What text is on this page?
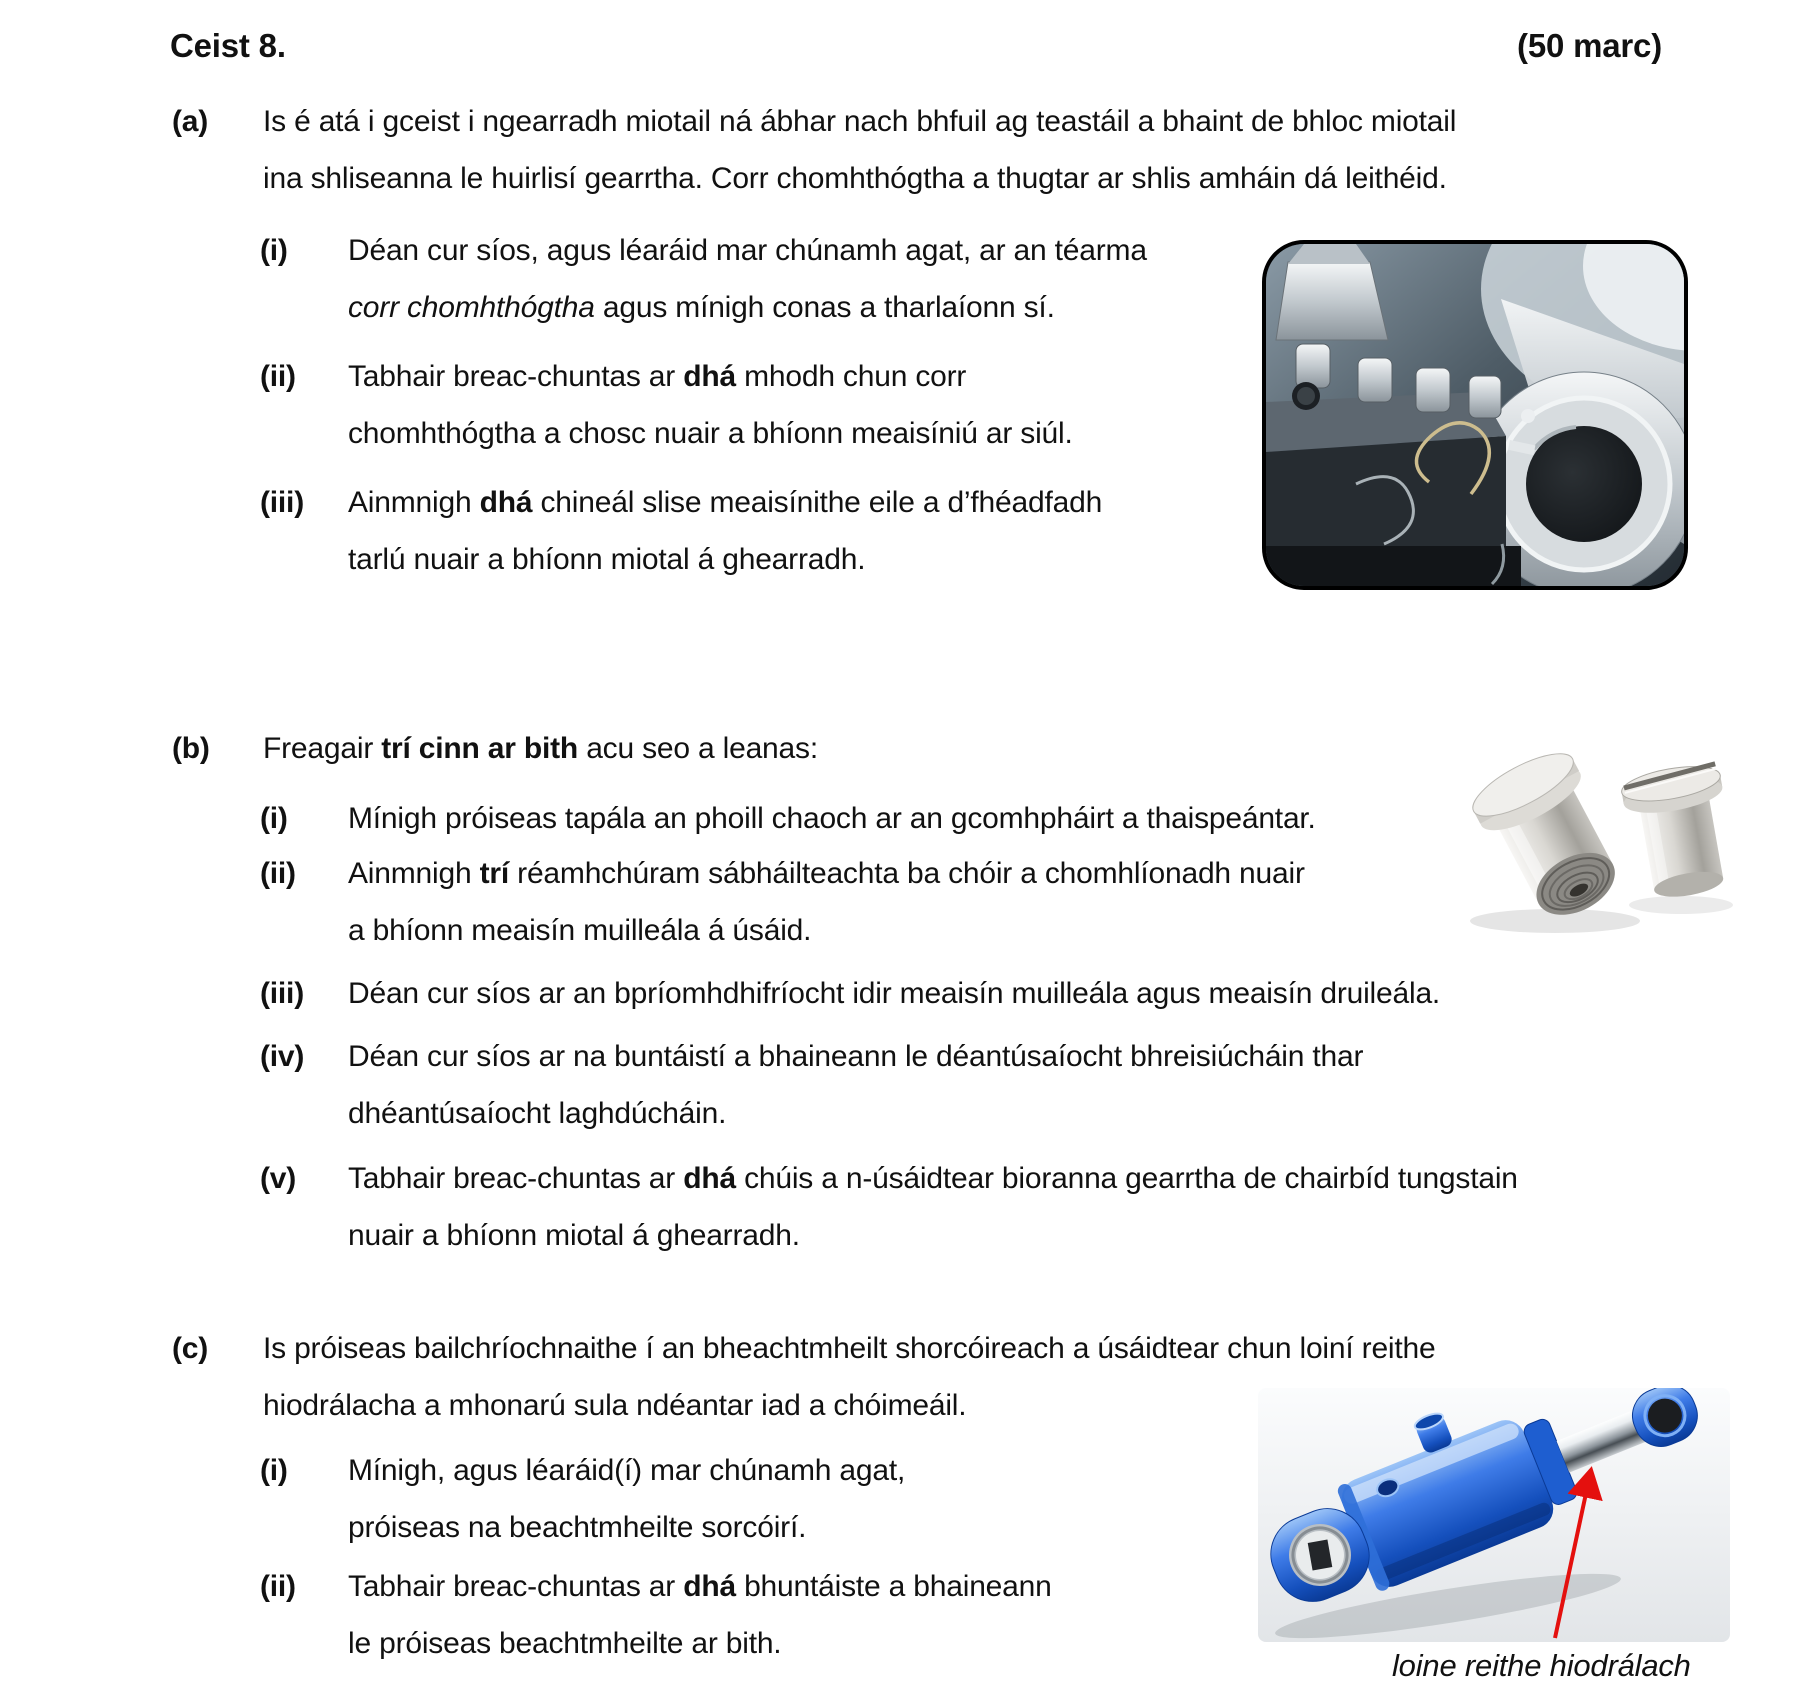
Ceist 8.	(50 marc)
(a)	Is é atá i gceist i ngearradh miotail ná ábhar nach bhfuil ag teastáil a bhaint de bhloc miotail
ina shliseanna le huirlisí gearrtha. Corr chomhthógtha a thugtar ar shlis amháin dá leithéid.
(i)	Déan cur síos, agus léaráid mar chúnamh agat, ar an téarma
corr chomhthógtha agus mínigh conas a tharlaíonn sí.
(ii)	Tabhair breac-chuntas ar dhá mhodh chun corr
chomhthógtha a chosc nuair a bhíonn meaisíniú ar siúl.
(iii)	Ainmnigh dhá chineál slise meaisínithe eile a d’fhéadfadh
tarlú nuair a bhíonn miotal á ghearradh.
(b)	Freagair trí cinn ar bith acu seo a leanas:
(i)	Mínigh próiseas tapála an phoill chaoch ar an gcomhpháirt a thaispeántar.
(ii)	Ainmnigh trí réamhchúram sábháilteachta ba chóir a chomhlíonadh nuair
a bhíonn meaisín muilleála á úsáid.
(iii)	Déan cur síos ar an bpríomhdhifríocht idir meaisín muilleála agus meaisín druileála.
(iv)	Déan cur síos ar na buntáistí a bhaineann le déantúsaíocht bhreisiúcháin thar
dhéantúsaíocht laghdúcháin.
(v)	Tabhair breac-chuntas ar dhá chúis a n-úsáidtear bioranna gearrtha de chairbíd tungstain
nuair a bhíonn miotal á ghearradh.
(c)	Is próiseas bailchríochnaithe í an bheachtmheilt shorcóireach a úsáidtear chun loiní reithe
hiodrálacha a mhonarú sula ndéantar iad a chóimeáil.
(i)	Mínigh, agus léaráid(í) mar chúnamh agat,
próiseas na beachtmheilte sorcóirí.
(ii)	Tabhair breac-chuntas ar dhá bhuntáiste a bhaineann
le próiseas beachtmheilte ar bith.
loine reithe hiodrálach
